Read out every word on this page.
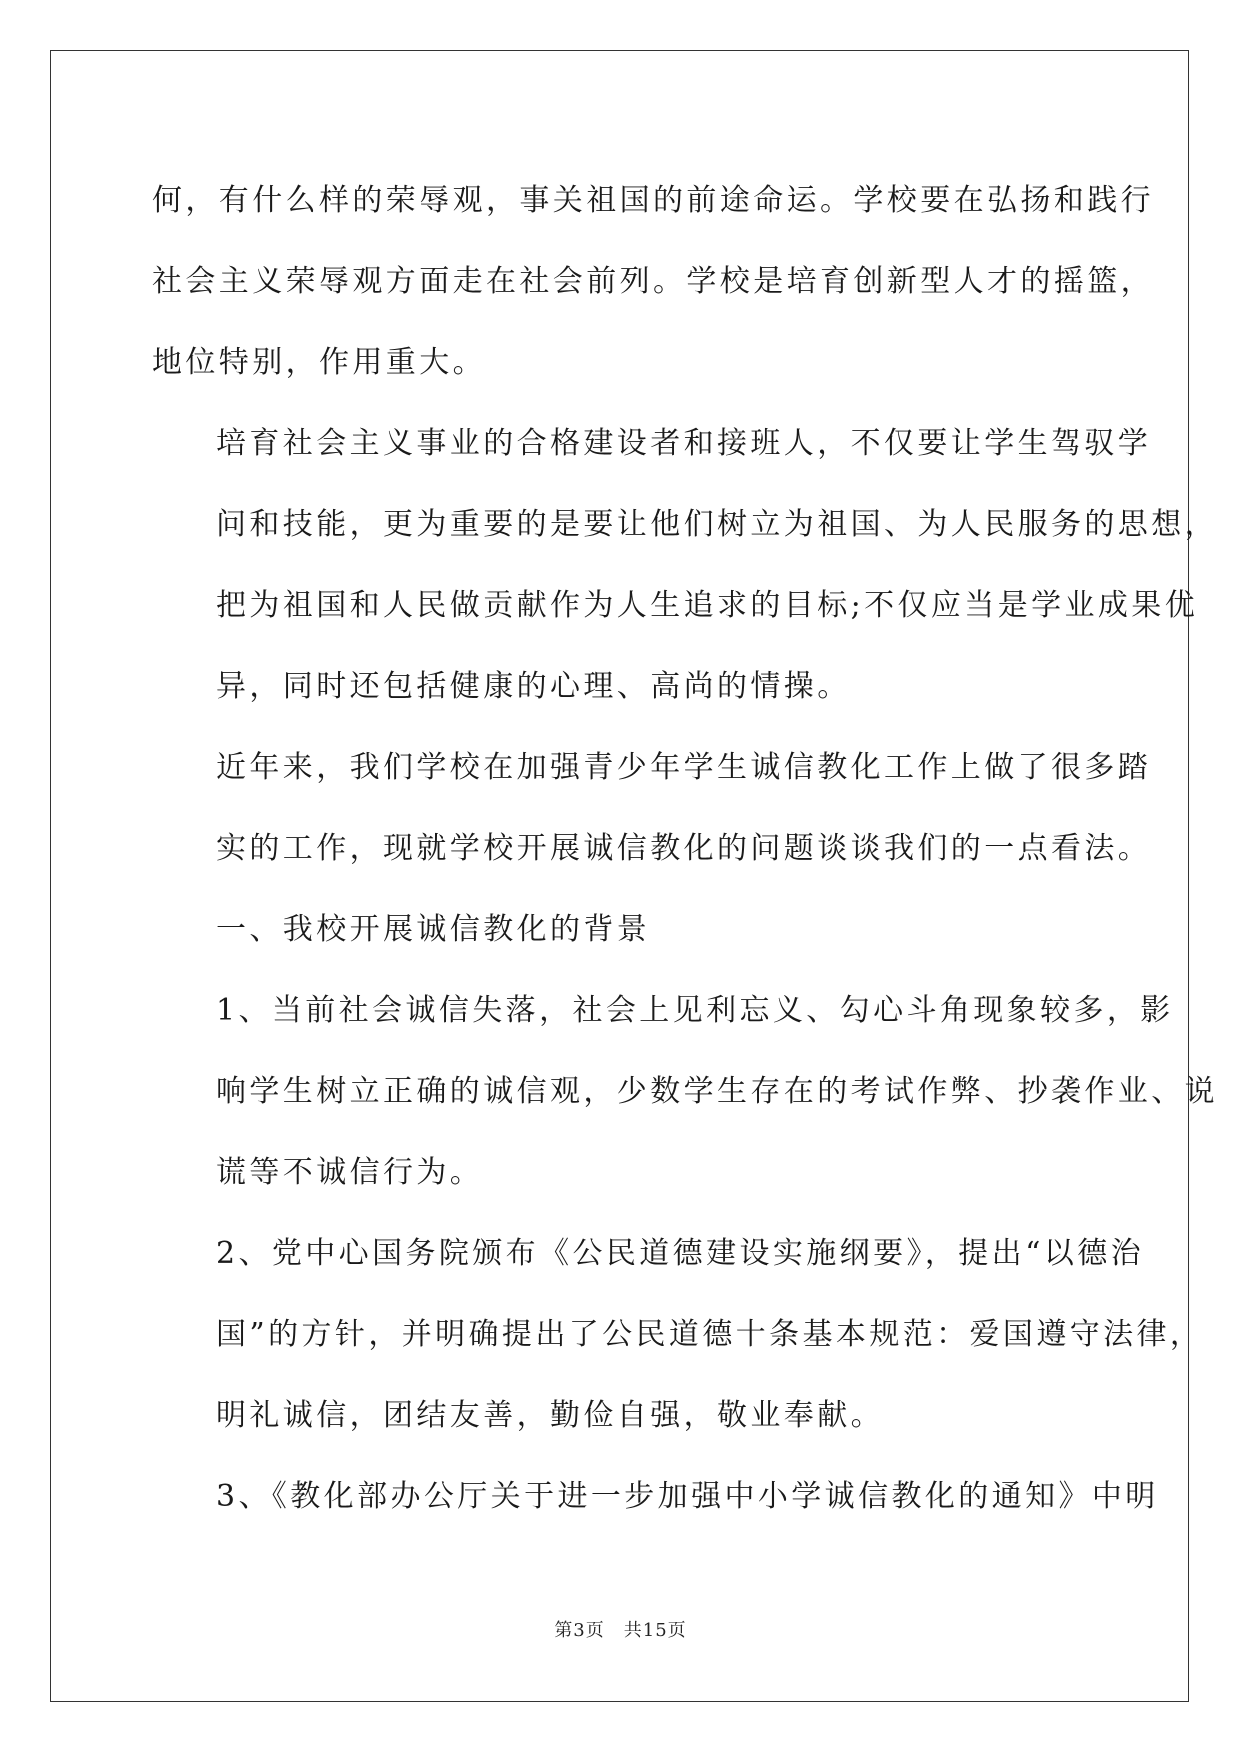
何，有什么样的荣辱观，事关祖国的前途命运。学校要在弘扬和践行
社会主义荣辱观方面走在社会前列。学校是培育创新型人才的摇篮，
地位特别，作用重大。

培育社会主义事业的合格建设者和接班人，不仅要让学生驾驭学
问和技能，更为重要的是要让他们树立为祖国、为人民服务的思想，
把为祖国和人民做贡献作为人生追求的目标;不仅应当是学业成果优
异，同时还包括健康的心理、高尚的情操。

近年来，我们学校在加强青少年学生诚信教化工作上做了很多踏
实的工作，现就学校开展诚信教化的问题谈谈我们的一点看法。

一、我校开展诚信教化的背景

1、当前社会诚信失落，社会上见利忘义、勾心斗角现象较多，影
响学生树立正确的诚信观，少数学生存在的考试作弊、抄袭作业、说
谎等不诚信行为。

2、党中心国务院颁布《公民道德建设实施纲要》，提出“以德治
国”的方针，并明确提出了公民道德十条基本规范：爱国遵守法律，
明礼诚信，团结友善，勤俭自强，敬业奉献。

3、《教化部办公厅关于进一步加强中小学诚信教化的通知》中明

第3页　共15页
